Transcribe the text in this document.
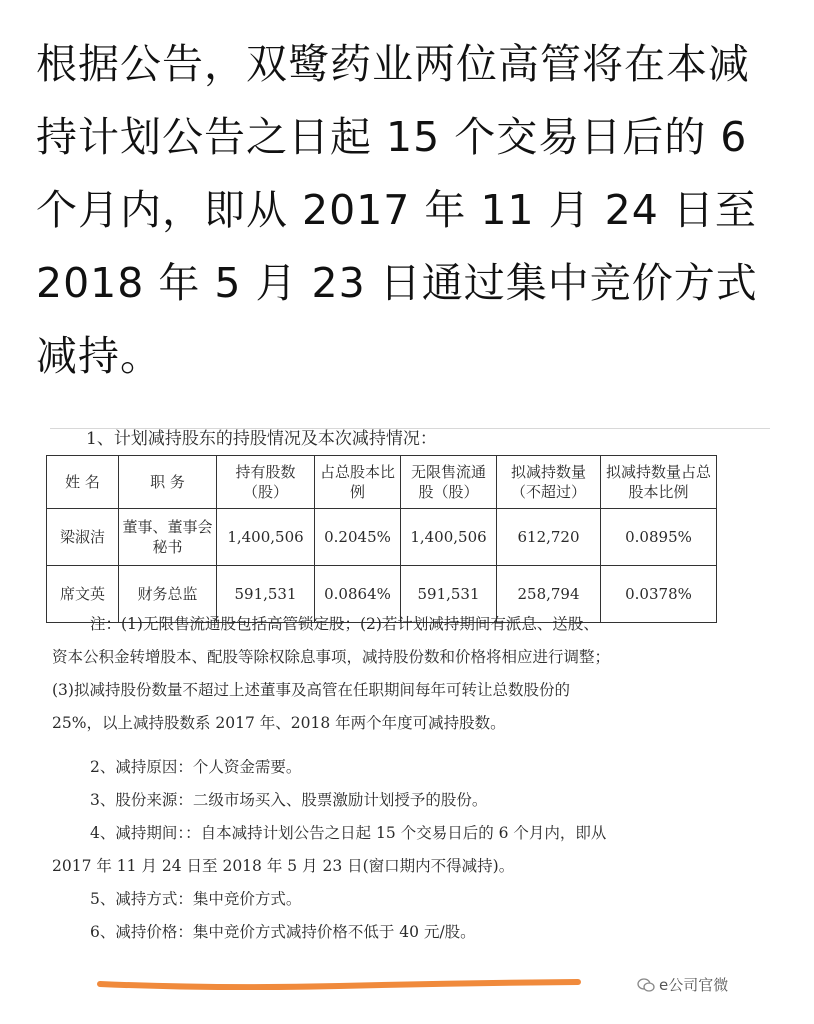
根据公告，双鹭药业两位高管将在本减持计划公告之日起 15 个交易日后的 6 个月内，即从 2017 年 11 月 24 日至 2018 年 5 月 23 日通过集中竞价方式减持。

1、计划减持股东的持股情况及本次减持情况：
姓 名	职 务	持有股数（股）	占总股本比例	无限售流通股（股）	拟减持数量（不超过）	拟减持数量占总股本比例
梁淑洁	董事、董事会秘书	1,400,506	0.2045%	1,400,506	612,720	0.0895%
席文英	财务总监	591,531	0.0864%	591,531	258,794	0.0378%

注：(1)无限售流通股包括高管锁定股；(2)若计划减持期间有派息、送股、

资本公积金转增股本、配股等除权除息事项，减持股份数和价格将相应进行调整；

(3)拟减持股份数量不超过上述董事及高管在任职期间每年可转让总数股份的

25%，以上减持股数系 2017 年、2018 年两个年度可减持股数。

2、减持原因：个人资金需要。

3、股份来源：二级市场买入、股票激励计划授予的股份。

4、减持期间：：自本减持计划公告之日起 15 个交易日后的 6 个月内，即从

2017 年 11 月 24 日至 2018 年 5 月 23 日(窗口期内不得减持)。

5、减持方式：集中竞价方式。

6、减持价格：集中竞价方式减持价格不低于 40 元/股。

e公司官微
